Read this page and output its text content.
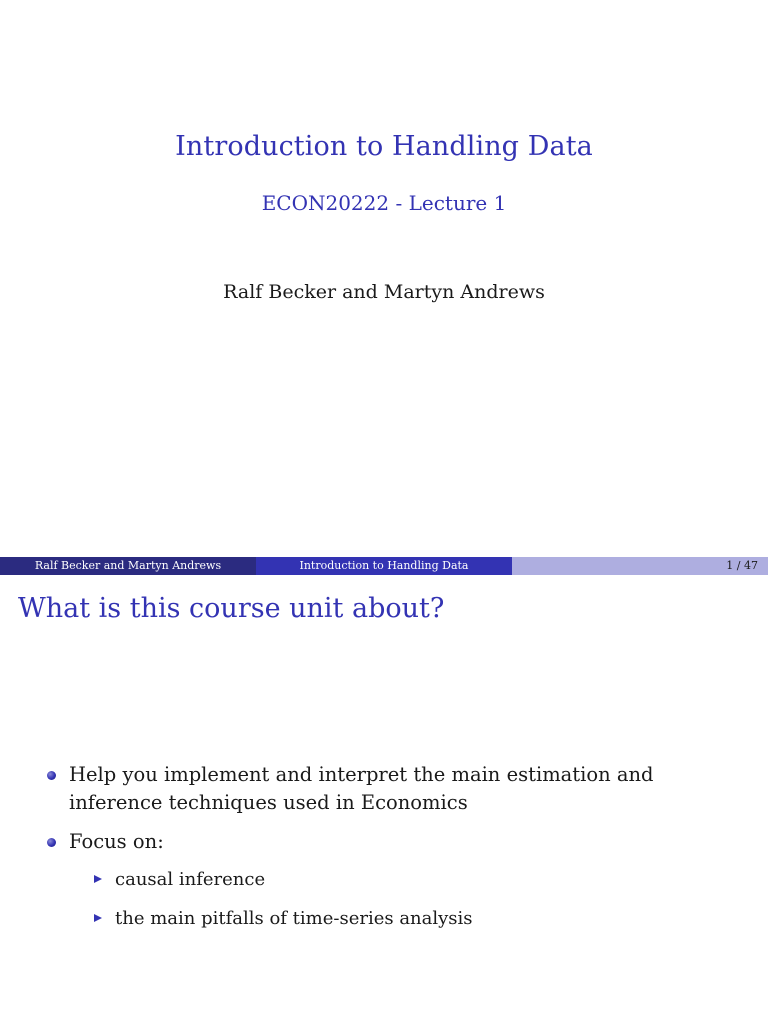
Introduction to Handling Data
ECON20222 - Lecture 1
Ralf Becker and Martyn Andrews
Ralf Becker and Martyn Andrews	Introduction to Handling Data	1 / 47
What is this course unit about?
Help you implement and interpret the main estimation and inference techniques used in Economics
Focus on:
causal inference
the main pitfalls of time-series analysis
